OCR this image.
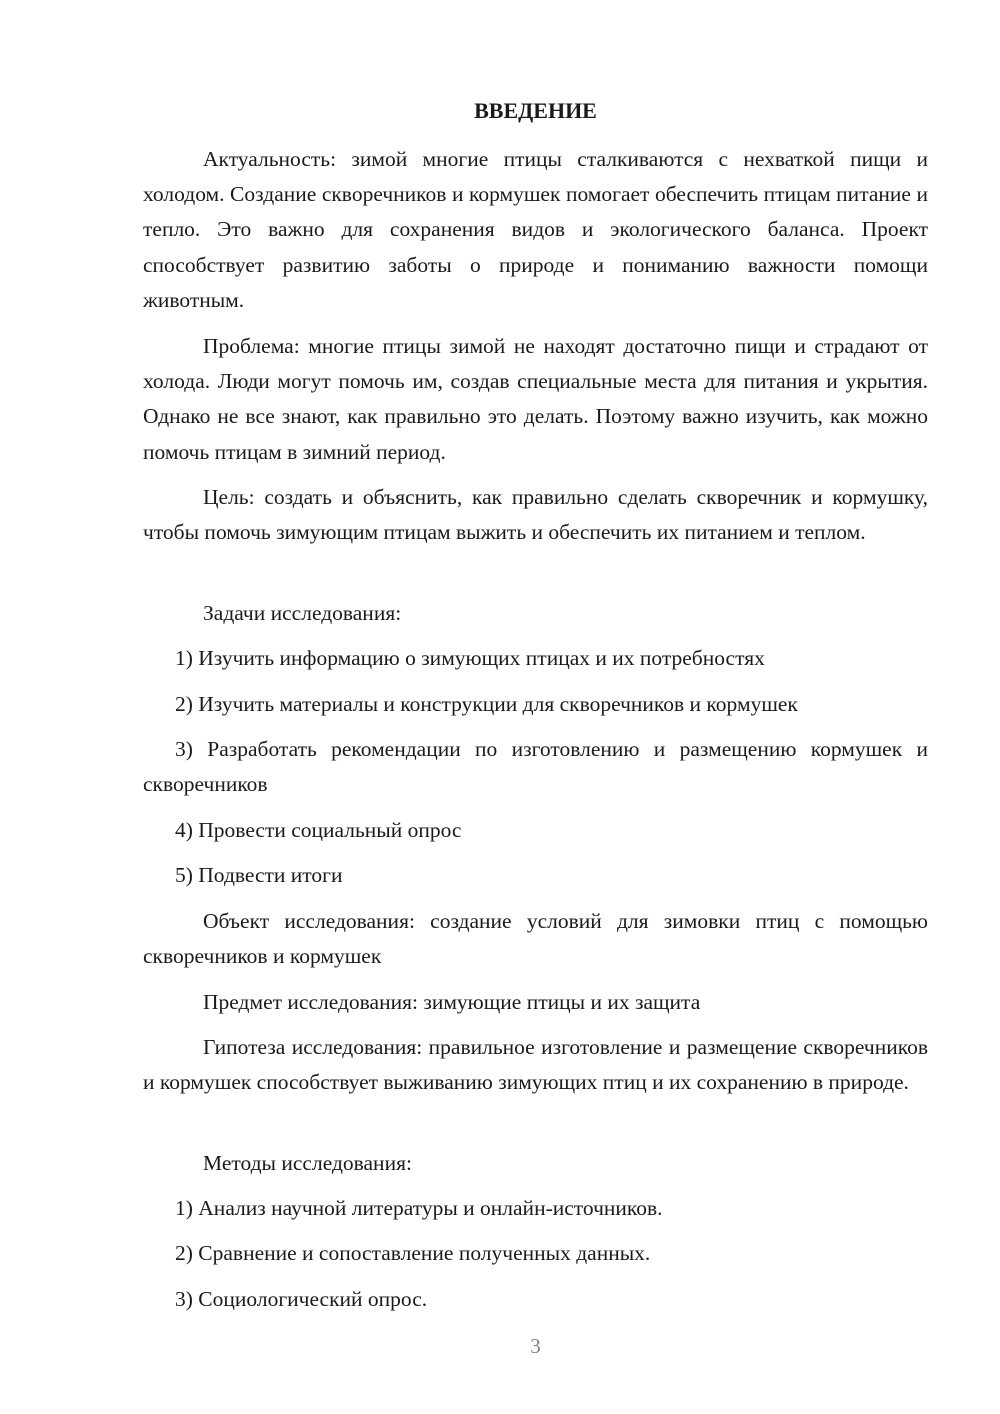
ВВЕДЕНИЕ

Актуальность: зимой многие птицы сталкиваются с нехваткой пищи и холодом. Создание скворечников и кормушек помогает обеспечить птицам питание и тепло. Это важно для сохранения видов и экологического баланса. Проект способствует развитию заботы о природе и пониманию важности помощи животным.

Проблема: многие птицы зимой не находят достаточно пищи и страдают от холода. Люди могут помочь им, создав специальные места для питания и укрытия. Однако не все знают, как правильно это делать. Поэтому важно изучить, как можно помочь птицам в зимний период.

Цель: создать и объяснить, как правильно сделать скворечник и кормушку, чтобы помочь зимующим птицам выжить и обеспечить их питанием и теплом.

Задачи исследования:

1) Изучить информацию о зимующих птицах и их потребностях

2) Изучить материалы и конструкции для скворечников и кормушек

3) Разработать рекомендации по изготовлению и размещению кормушек и скворечников

4) Провести социальный опрос

5) Подвести итоги

Объект исследования: создание условий для зимовки птиц с помощью скворечников и кормушек

Предмет исследования: зимующие птицы и их защита

Гипотеза исследования: правильное изготовление и размещение скворечников и кормушек способствует выживанию зимующих птиц и их сохранению в природе.

Методы исследования:

1) Анализ научной литературы и онлайн-источников.

2) Сравнение и сопоставление полученных данных.

3) Социологический опрос.

3
